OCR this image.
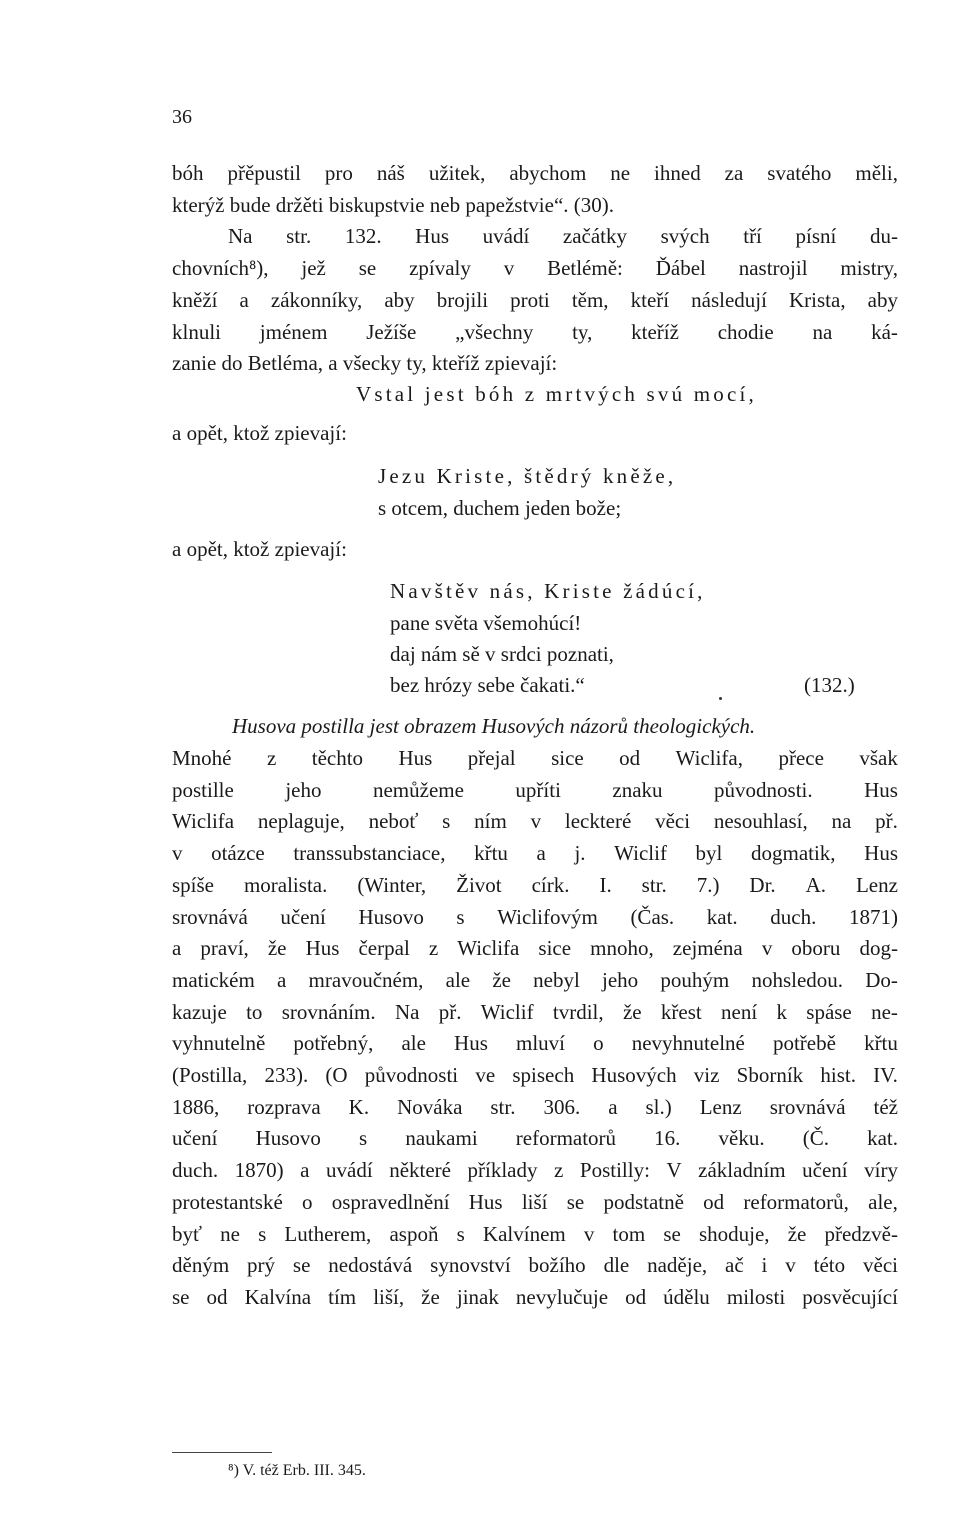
36
bóh přěpustil pro náš užitek, abychom ne ihned za svatého měli,
kterýž bude držěti biskupstvie neb papežstvie“. (30).
Na str. 132. Hus uvádí začátky svých tří písní du-
chovních⁸), jež se zpívaly v Betlémě: Ďábel nastrojil mistry,
kněží a zákonníky, aby brojili proti těm, kteří následují Krista, aby
klnuli jménem Ježíše „všechny ty, kteříž chodie na ká-
zanie do Betléma, a všecky ty, kteříž zpievají:
Vstal jest bóh z mrtvých svú mocí,
a opět, ktož zpievají:
Jezu Kriste, štědrý kněže,
s otcem, duchem jeden bože;
a opět, ktož zpievají:
Navštěv nás, Kriste žádúcí,
pane světa všemohúcí!
daj nám sě v srdci poznati,
bez hrózy sebe čakati.“	(132.)
Husova postilla jest obrazem Husových názorů theologických.
Mnohé z těchto Hus přejal sice od Wiclifa, přece však
postille jeho nemůžeme upříti znaku původnosti. Hus
Wiclifa neplaguje, neboť s ním v leckteré věci nesouhlasí, na př.
v otázce transsubstanciace, křtu a j. Wiclif byl dogmatik, Hus
spíše moralista. (Winter, Život círk. I. str. 7.) Dr. A. Lenz
srovnává učení Husovo s Wiclifovým (Čas. kat. duch. 1871)
a praví, že Hus čerpal z Wiclifa sice mnoho, zejména v oboru dog-
matickém a mravoučném, ale že nebyl jeho pouhým nohsledou. Do-
kazuje to srovnáním. Na př. Wiclif tvrdil, že křest není k spáse ne-
vyhnutelně potřebný, ale Hus mluví o nevyhnutelné potřebě křtu
(Postilla, 233). (O původnosti ve spisech Husových viz Sborník hist. IV.
1886, rozprava K. Nováka str. 306. a sl.) Lenz srovnává též
učení Husovo s naukami reformatorů 16. věku. (Č. kat.
duch. 1870) a uvádí některé příklady z Postilly: V základním učení víry
protestantské o ospravedlnění Hus liší se podstatně od reformatorů, ale,
byť ne s Lutherem, aspoň s Kalvínem v tom se shoduje, že předzvě-
děným prý se nedostává synovství božího dle naděje, ač i v této věci
se od Kalvína tím liší, že jinak nevylučuje od údělu milosti posvěcující
⁸) V. též Erb. III. 345.
